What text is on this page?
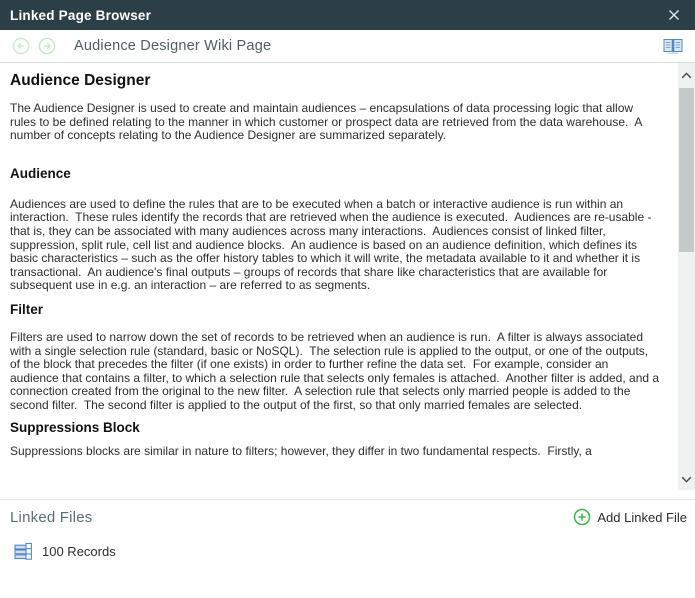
Linked Page Browser
Audience Designer Wiki Page
Audience Designer

The Audience Designer is used to create and maintain audiences – encapsulations of data processing logic that allow rules to be defined relating to the manner in which customer or prospect data are retrieved from the data warehouse.  A number of concepts relating to the Audience Designer are summarized separately.

Audience

Audiences are used to define the rules that are to be executed when a batch or interactive audience is run within an interaction.  These rules identify the records that are retrieved when the audience is executed.  Audiences are re-usable - that is, they can be associated with many audiences across many interactions.  Audiences consist of linked filter, suppression, split rule, cell list and audience blocks.  An audience is based on an audience definition, which defines its basic characteristics – such as the offer history tables to which it will write, the metadata available to it and whether it is transactional.  An audience's final outputs – groups of records that share like characteristics that are available for subsequent use in e.g. an interaction – are referred to as segments.

Filter

Filters are used to narrow down the set of records to be retrieved when an audience is run.  A filter is always associated with a single selection rule (standard, basic or NoSQL).  The selection rule is applied to the output, or one of the outputs, of the block that precedes the filter (if one exists) in order to further refine the data set.  For example, consider an audience that contains a filter, to which a selection rule that selects only females is attached.  Another filter is added, and a connection created from the original to the new filter.  A selection rule that selects only married people is added to the second filter.  The second filter is applied to the output of the first, so that only married females are selected.

Suppressions Block

Suppressions blocks are similar in nature to filters; however, they differ in two fundamental respects.  Firstly, a

Linked Files	Add Linked File
100 Records
